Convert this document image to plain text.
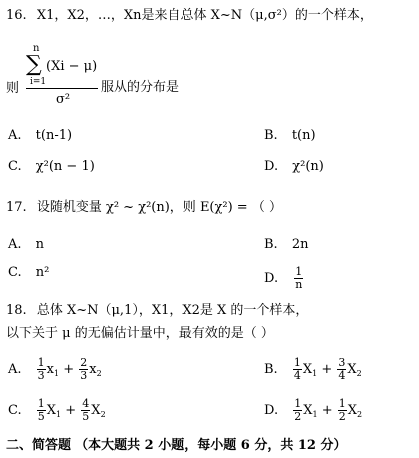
16. X1，X2，…，Xn是来自总体 X~N（μ,σ²）的一个样本，
n
∑ (Xi − μ)
i=1
则	服从的分布是
σ²
A. t(n-1)	B. t(n)
C. χ²(n − 1)	D. χ²(n)
17. 设随机变量 χ² ~ χ²(n)，则 E(χ²) = （ ）
A. n	B. 2n
C. n²	D. $\frac{1}{n}$
18. 总体 X~N（μ,1），X1，X2是 X 的一个样本，
以下关于 μ 的无偏估计量中，最有效的是（ ）
A. $\frac{1}{3} x_1 + \frac{2}{3} x_2$	B. $\frac{1}{4} X_1 + \frac{3}{4} X_2$
C. $\frac{1}{5} X_1 + \frac{4}{5} X_2$	D. $\frac{1}{2} X_1 + \frac{1}{2} X_2$
二、简答题 （本大题共 2 小题，每小题 6 分，共 12 分）
